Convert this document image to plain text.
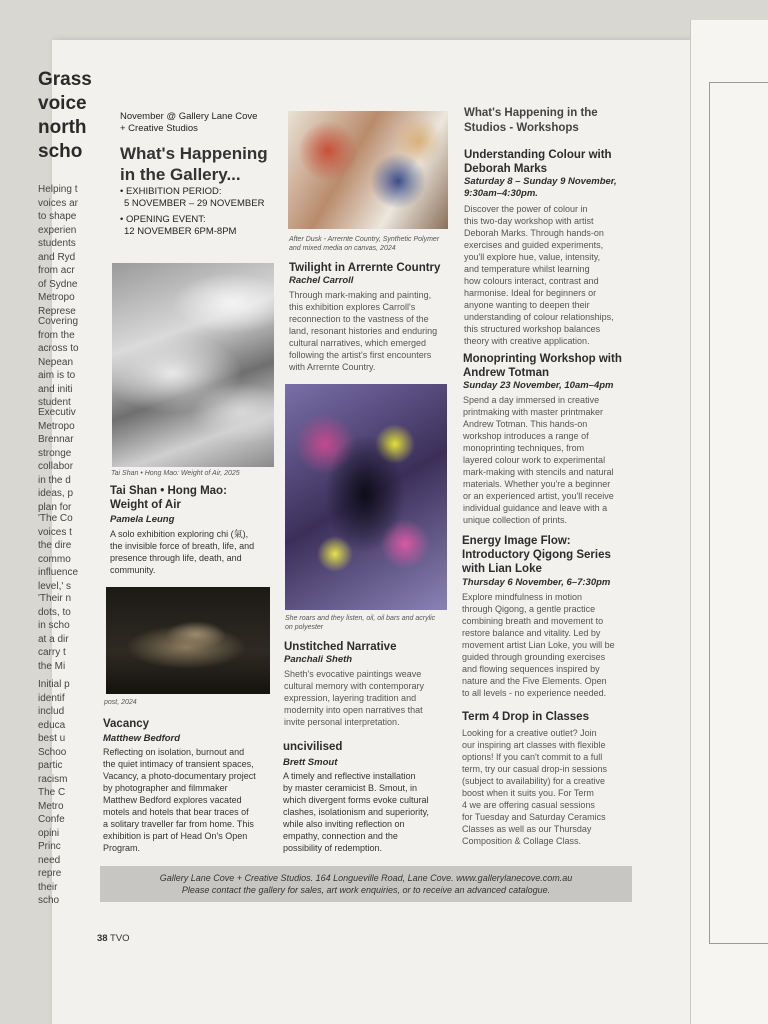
Grass
voice
north
scho
Helping t
voices ar
to shape
experien
students
and Ryd
from acr
of Sydne
Metropo
Represe
Covering
from the
across to
Nepean
aim is to
and initi
student
Executiv
Metropo
Brennar
stronge
collabor
in the d
ideas, p
plan for
'The Co
voices t
the dire
commo
influence
level,' s
'Their n
dots, to
in scho
at a dir
carry t
the Mi
Initial p
identif
includ
educa
best u
Schoo
partic
racism
The C
Metro
Confe
opini
Princ
need
repre
their
scho
November @ Gallery Lane Cove
+ Creative Studios
What's Happening
in the Gallery...
• EXHIBITION PERIOD:
5 NOVEMBER – 29 NOVEMBER
• OPENING EVENT:
12 NOVEMBER 6PM-8PM
Tai Shan • Hong Mao: Weight of Air, 2025
Tai Shan • Hong Mao:
Weight of Air
Pamela Leung
A solo exhibition exploring chi (氣),
the invisible force of breath, life, and
presence through life, death, and
community.
post, 2024
Vacancy
Matthew Bedford
Reflecting on isolation, burnout and
the quiet intimacy of transient spaces,
Vacancy, a photo-documentary project
by photographer and filmmaker
Matthew Bedford explores vacated
motels and hotels that bear traces of
a solitary traveller far from home. This
exhibition is part of Head On's Open
Program.
After Dusk - Arrernte Country, Synthetic Polymer
and mixed media on canvas, 2024
Twilight in Arrernte Country
Rachel Carroll
Through mark-making and painting,
this exhibition explores Carroll's
reconnection to the vastness of the
land, resonant histories and enduring
cultural narratives, which emerged
following the artist's first encounters
with Arrernte Country.
She roars and they listen, oil, oil bars and acrylic
on polyester
Unstitched Narrative
Panchali Sheth
Sheth's evocative paintings weave
cultural memory with contemporary
expression, layering tradition and
modernity into open narratives that
invite personal interpretation.
uncivilised
Brett Smout
A timely and reflective installation
by master ceramicist B. Smout, in
which divergent forms evoke cultural
clashes, isolationism and superiority,
while also inviting reflection on
empathy, connection and the
possibility of redemption.
What's Happening in the
Studios - Workshops
Understanding Colour with
Deborah Marks
Saturday 8 – Sunday 9 November,
9:30am–4:30pm.
Discover the power of colour in
this two-day workshop with artist
Deborah Marks. Through hands-on
exercises and guided experiments,
you'll explore hue, value, intensity,
and temperature whilst learning
how colours interact, contrast and
harmonise. Ideal for beginners or
anyone wanting to deepen their
understanding of colour relationships,
this structured workshop balances
theory with creative application.
Monoprinting Workshop with
Andrew Totman
Sunday 23 November, 10am–4pm
Spend a day immersed in creative
printmaking with master printmaker
Andrew Totman. This hands-on
workshop introduces a range of
monoprinting techniques, from
layered colour work to experimental
mark-making with stencils and natural
materials. Whether you're a beginner
or an experienced artist, you'll receive
individual guidance and leave with a
unique collection of prints.
Energy Image Flow:
Introductory Qigong Series
with Lian Loke
Thursday 6 November, 6–7:30pm
Explore mindfulness in motion
through Qigong, a gentle practice
combining breath and movement to
restore balance and vitality. Led by
movement artist Lian Loke, you will be
guided through grounding exercises
and flowing sequences inspired by
nature and the Five Elements. Open
to all levels - no experience needed.
Term 4 Drop in Classes
Looking for a creative outlet? Join
our inspiring art classes with flexible
options! If you can't commit to a full
term, try our casual drop-in sessions
(subject to availability) for a creative
boost when it suits you. For Term
4 we are offering casual sessions
for Tuesday and Saturday Ceramics
Classes as well as our Thursday
Composition & Collage Class.
Gallery Lane Cove + Creative Studios. 164 Longueville Road, Lane Cove. www.gallerylanecove.com.au
Please contact the gallery for sales, art work enquiries, or to receive an advanced catalogue.
38 TVO
